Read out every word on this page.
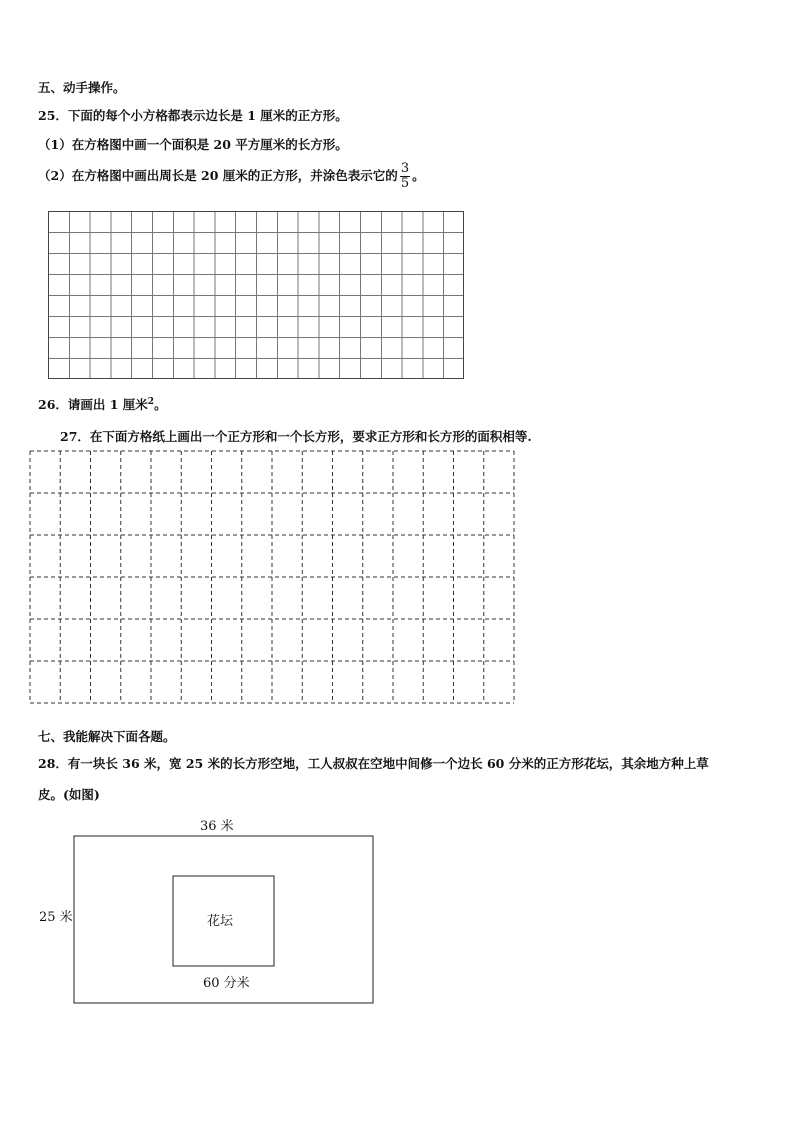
五、动手操作。
25．下面的每个小方格都表示边长是 1 厘米的正方形。
（1）在方格图中画一个面积是 20 平方厘米的长方形。
（2）在方格图中画出周长是 20 厘米的正方形，并涂色表示它的 $\frac{3}{5}$ 。
26．请画出 1 厘米$^2$。
27．在下面方格纸上画出一个正方形和一个长方形，要求正方形和长方形的面积相等.
七、我能解决下面各题。
28．有一块长 36 米，宽 25 米的长方形空地，工人叔叔在空地中间修一个边长 60 分米的正方形花坛，其余地方种上草
皮。(如图)
36 米
25 米	花坛
60 分米
